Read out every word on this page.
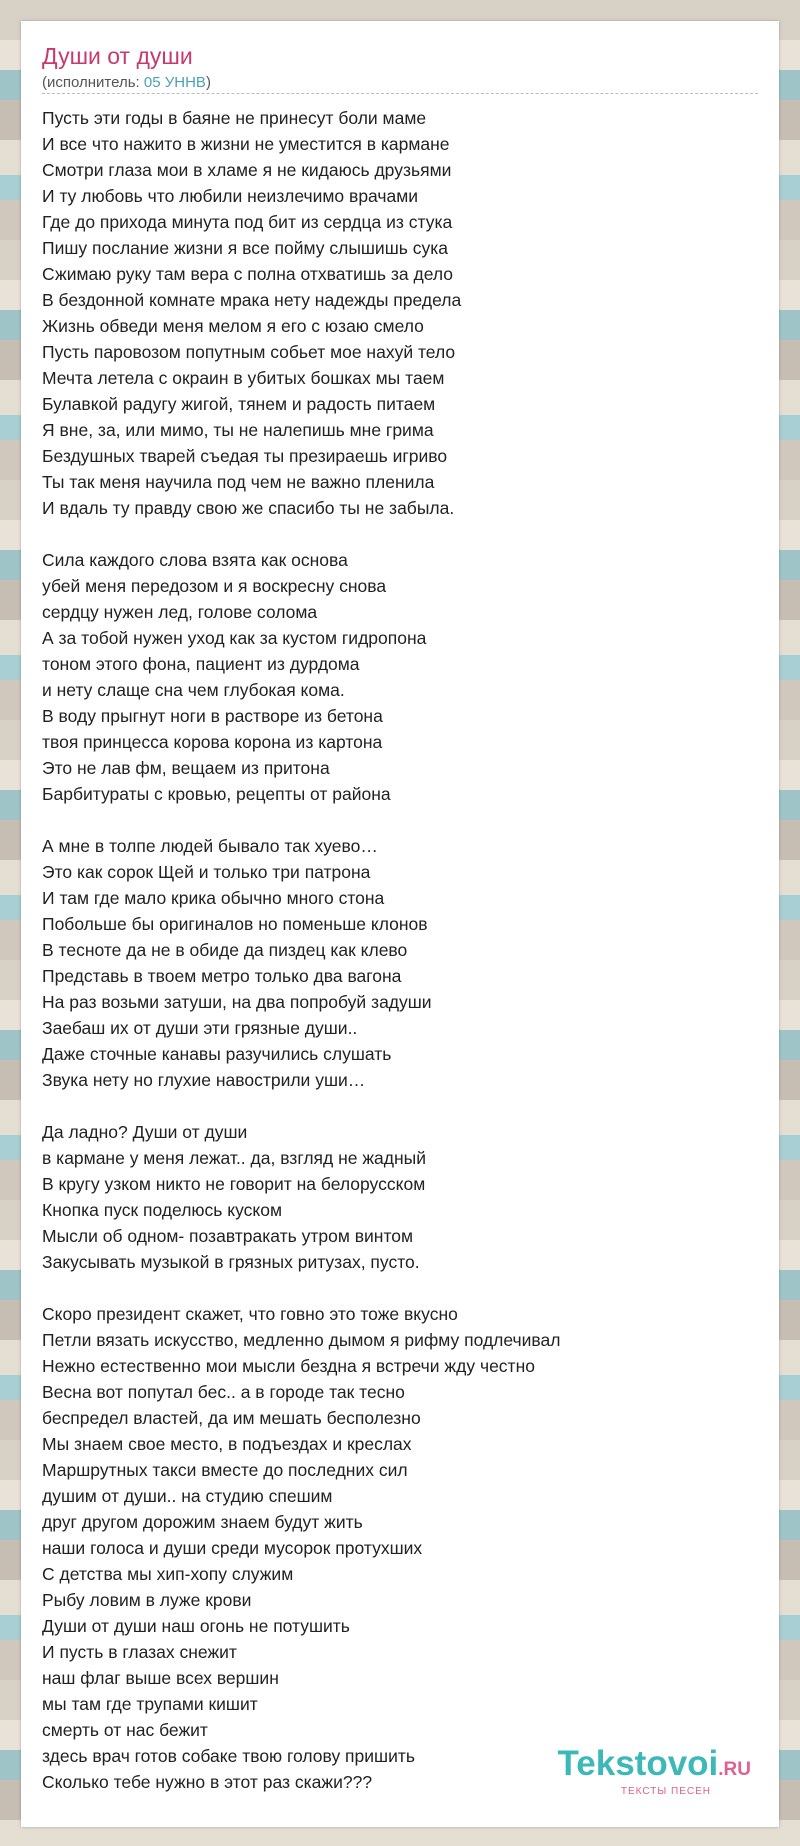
Души от души
(исполнитель: 05 УННВ)
Пусть эти годы в баяне не принесут боли маме
И все что нажито в жизни не уместится в кармане
Смотри глаза мои в хламе я не кидаюсь друзьями
И ту любовь что любили неизлечимо врачами
Где до прихода минута под бит из сердца из стука
Пишу послание жизни я все пойму слышишь сука
Сжимаю руку там вера с полна отхватишь за дело
В бездонной комнате мрака нету надежды предела
Жизнь обведи меня мелом я его с юзаю смело
Пусть паровозом попутным собьет мое нахуй тело
Мечта летела с окраин в убитых бошках мы таем
Булавкой радугу жигой, тянем и радость питаем
Я вне, за, или мимо, ты не налепишь мне грима
Бездушных тварей съедая ты презираешь игриво
Ты так меня научила под чем не важно пленила
И вдаль ту правду свою же спасибо ты не забыла.
Сила каждого слова взята как основа
убей меня передозом и я воскресну снова
сердцу нужен лед, голове солома
А за тобой нужен уход как за кустом гидропона
тоном этого фона, пациент из дурдома
и нету слаще сна чем глубокая кома.
В воду прыгнут ноги в растворе из бетона
твоя принцесса корова корона из картона
Это не лав фм, вещаем из притона
Барбитураты с кровью, рецепты от района
А мне в толпе людей бывало так хуево…
Это как сорок Щей и только три патрона
И там где мало крика обычно много стона
Побольше бы оригиналов но поменьше клонов
В тесноте да не в обиде да пиздец как клево
Представь в твоем метро только два вагона
На раз возьми затуши, на два попробуй задуши
Заебаш их от души эти грязные души..
Даже сточные канавы разучились слушать
Звука нету но глухие навострили уши…
Да ладно? Души от души
в кармане у меня лежат.. да, взгляд не жадный
В кругу узком никто не говорит на белорусском
Кнопка пуск поделюсь куском
Мысли об одном- позавтракать утром винтом
Закусывать музыкой в грязных ритузах, пусто.
Скоро президент скажет, что говно это тоже вкусно
Петли вязать искусство, медленно дымом я рифму подлечивал
Нежно естественно мои мысли бездна я встречи жду честно
Весна вот попутал бес.. а в городе так тесно
беспредел властей, да им мешать бесполезно
Мы знаем свое место, в подъездах и креслах
Маршрутных такси вместе до последних сил
душим от души.. на студию спешим
друг другом дорожим знаем будут жить
наши голоса и души среди мусорок протухших
С детства мы хип-хопу служим
Рыбу ловим в луже крови
Души от души наш огонь не потушить
И пусть в глазах снежит
наш флаг выше всех вершин
мы там где трупами кишит
смерть от нас бежит
здесь врач готов собаке твою голову пришить
Сколько тебе нужно в этот раз скажи???	Tekstovoi.RU
ТЕКСТЫ ПЕСЕН
